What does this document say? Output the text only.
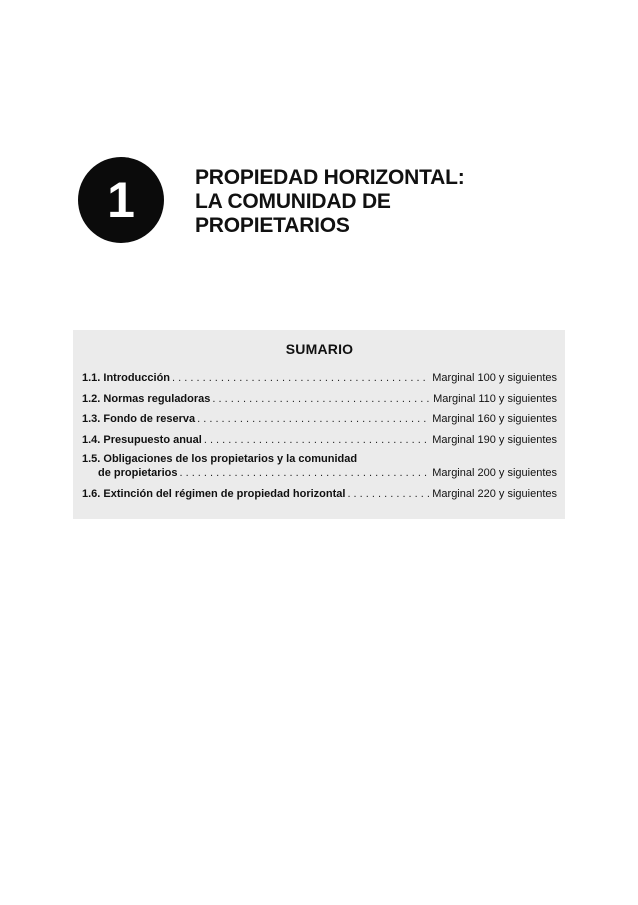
1	PROPIEDAD HORIZONTAL:
LA COMUNIDAD DE
PROPIETARIOS
SUMARIO
1.1. Introducción . . .	Marginal 100 y siguientes
1.2. Normas reguladoras . . .	Marginal 110 y siguientes
1.3. Fondo de reserva . . .	Marginal 160 y siguientes
1.4. Presupuesto anual . . .	Marginal 190 y siguientes
1.5. Obligaciones de los propietarios y la comunidad
de propietarios . . .	Marginal 200 y siguientes
1.6. Extinción del régimen de propiedad horizontal . . .	Marginal 220 y siguientes
